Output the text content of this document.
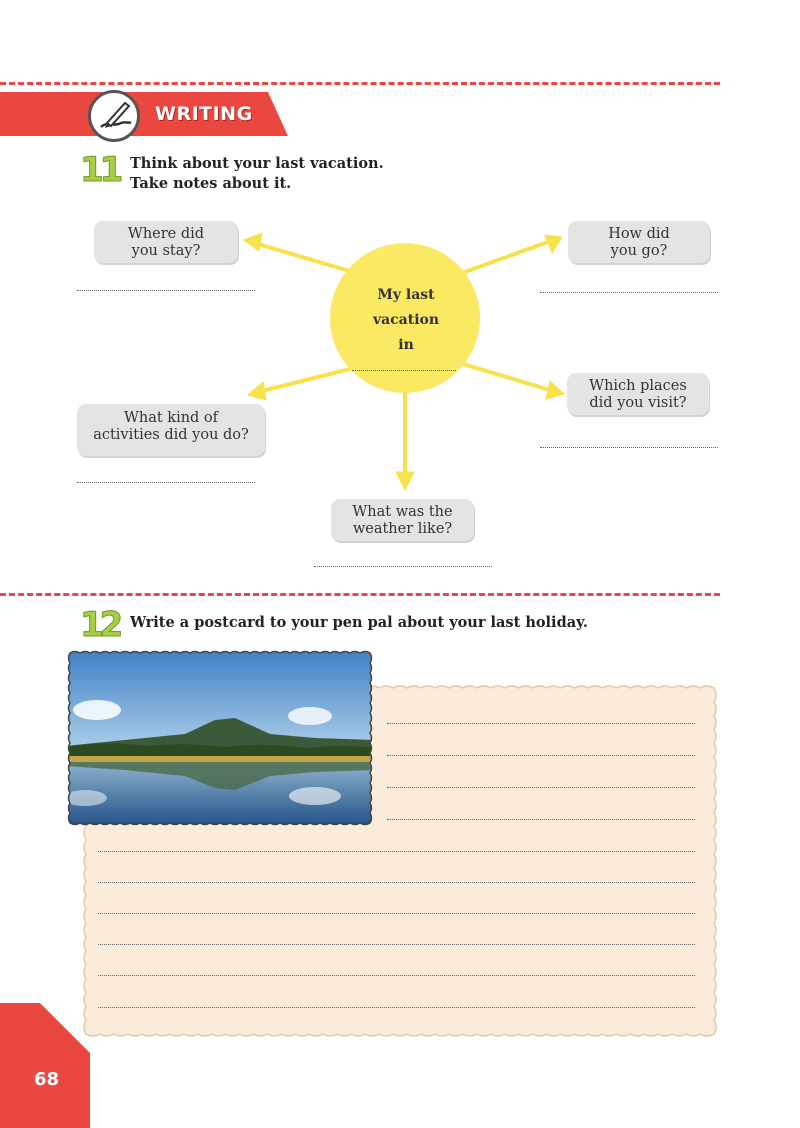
WRITING
11 Think about your last vacation.
Take notes about it.
My last
vacation
in
Where did
you stay?
How did
you go?
Which places
did you visit?
What kind of
activities did you do?
What was the
weather like?
12 Write a postcard to your pen pal about your last holiday.
68
